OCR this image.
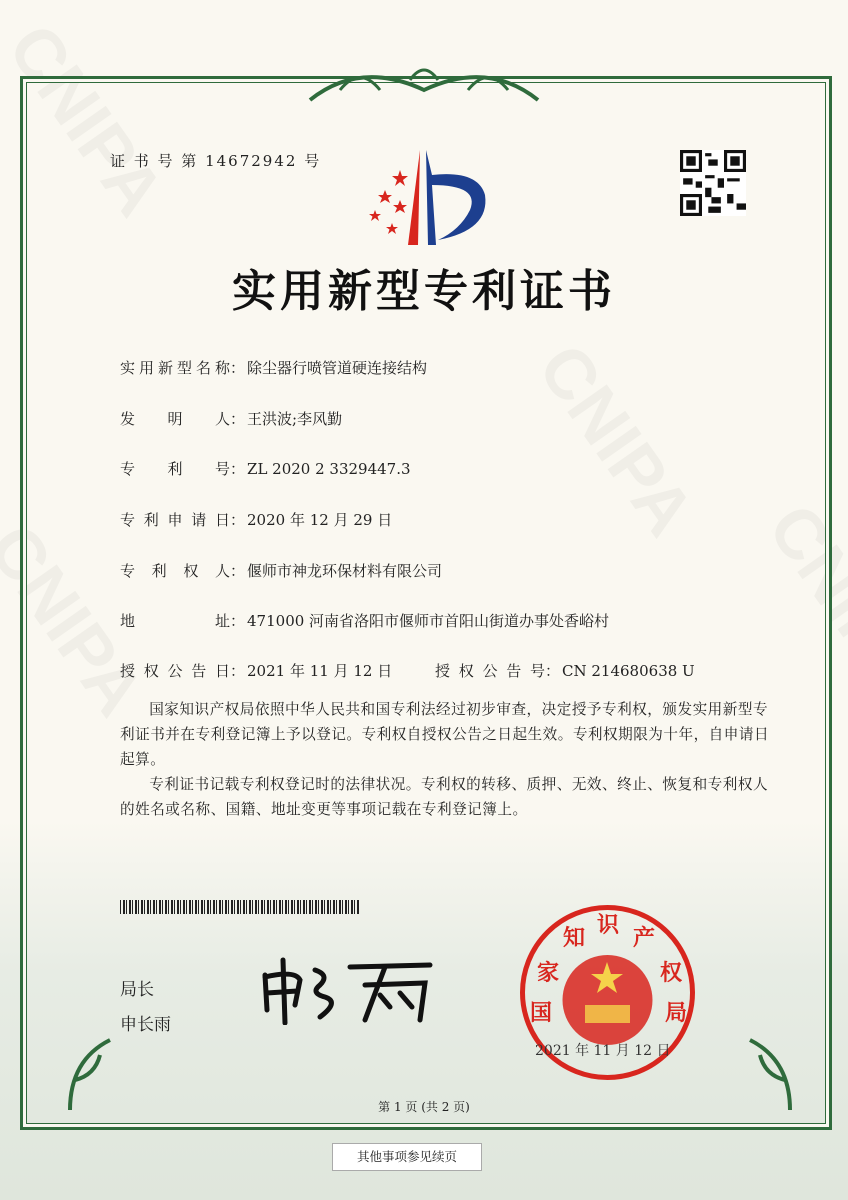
证 书 号 第 14672942 号
实用新型专利证书
实用新型名称： 除尘器行喷管道硬连接结构
发明人： 王洪波;李风勤
专利号： ZL 2020 2 3329447.3
专利申请日： 2020 年 12 月 29 日
专利权人： 偃师市神龙环保材料有限公司
地址： 471000 河南省洛阳市偃师市首阳山街道办事处香峪村
授权公告日： 2021 年 11 月 12 日	授权公告号： CN 214680638 U
国家知识产权局依照中华人民共和国专利法经过初步审查，决定授予专利权，颁发实用新型专利证书并在专利登记簿上予以登记。专利权自授权公告之日起生效。专利权期限为十年，自申请日起算。
专利证书记载专利权登记时的法律状况。专利权的转移、质押、无效、终止、恢复和专利权人的姓名或名称、国籍、地址变更等事项记载在专利登记簿上。
局长
申长雨	国
家
知
识
产
权
局
2021 年 11 月 12 日
第 1 页 (共 2 页)
其他事项参见续页
